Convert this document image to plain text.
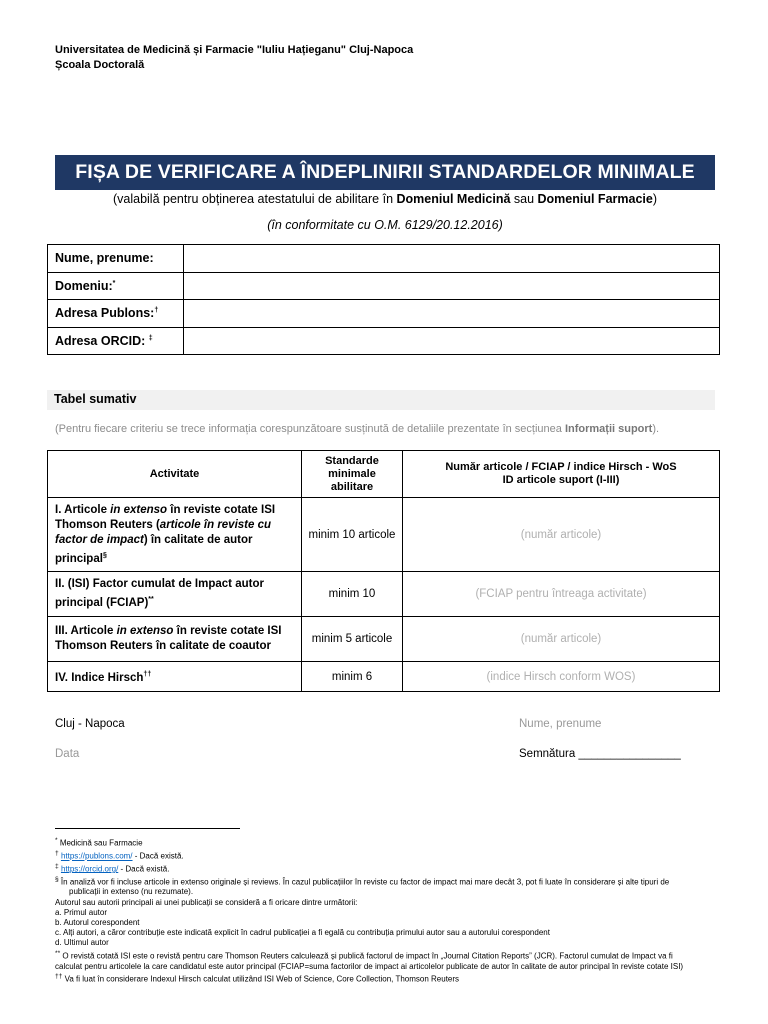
Universitatea de Medicină și Farmacie "Iuliu Hațieganu" Cluj-Napoca
Școala Doctorală
FIȘA DE VERIFICARE A ÎNDEPLINIRII STANDARDELOR MINIMALE
(valabilă pentru obținerea atestatului de abilitare în Domeniul Medicină sau Domeniul Farmacie)
(în conformitate cu O.M. 6129/20.12.2016)
Nume, prenume:	
Domeniu:*	
Adresa Publons:†	
Adresa ORCID: ‡	
Tabel sumativ
(Pentru fiecare criteriu se trece informația corespunzătoare susținută de detaliile prezentate în secțiunea Informații suport).
Activitate	Standarde minimale abilitare	Număr articole / FCIAP / indice Hirsch - WoS
ID articole suport (I-III)

I. Articole in extenso în reviste cotate ISI Thomson Reuters (articole în reviste cu factor de impact) în calitate de autor principal§	minim 10 articole	(număr articole)
II. (ISI) Factor cumulat de Impact autor principal (FCIAP)**	minim 10	(FCIAP pentru întreaga activitate)
III. Articole in extenso în reviste cotate ISI Thomson Reuters în calitate de coautor	minim 5 articole	(număr articole)
IV. Indice Hirsch††	minim 6	(indice Hirsch conform WOS)
Cluj - Napoca
Data
Nume, prenume
Semnătura ________________
* Medicină sau Farmacie
† https://publons.com/ - Dacă există.
‡ https://orcid.org/ - Dacă există.
§ În analiză vor fi incluse articole in extenso originale și reviews. În cazul publicațiilor în reviste cu factor de impact mai mare decât 3, pot fi luate în considerare și alte tipuri de
publicații in extenso (nu rezumate).
Autorul sau autorii principali ai unei publicații se consideră a fi oricare dintre următorii:
a. Primul autor
b. Autorul corespondent
c. Alți autori, a căror contribuție este indicată explicit în cadrul publicației a fi egală cu contribuția primului autor sau a autorului corespondent
d. Ultimul autor
** O revistă cotată ISI este o revistă pentru care Thomson Reuters calculează și publică factorul de impact în „Journal Citation Reports” (JCR). Factorul cumulat de Impact va fi
calculat pentru articolele la care candidatul este autor principal (FCIAP=suma factorilor de impact ai articolelor publicate de autor în calitate de autor principal în reviste cotate ISI)
†† Va fi luat în considerare Indexul Hirsch calculat utilizând ISI Web of Science, Core Collection, Thomson Reuters
